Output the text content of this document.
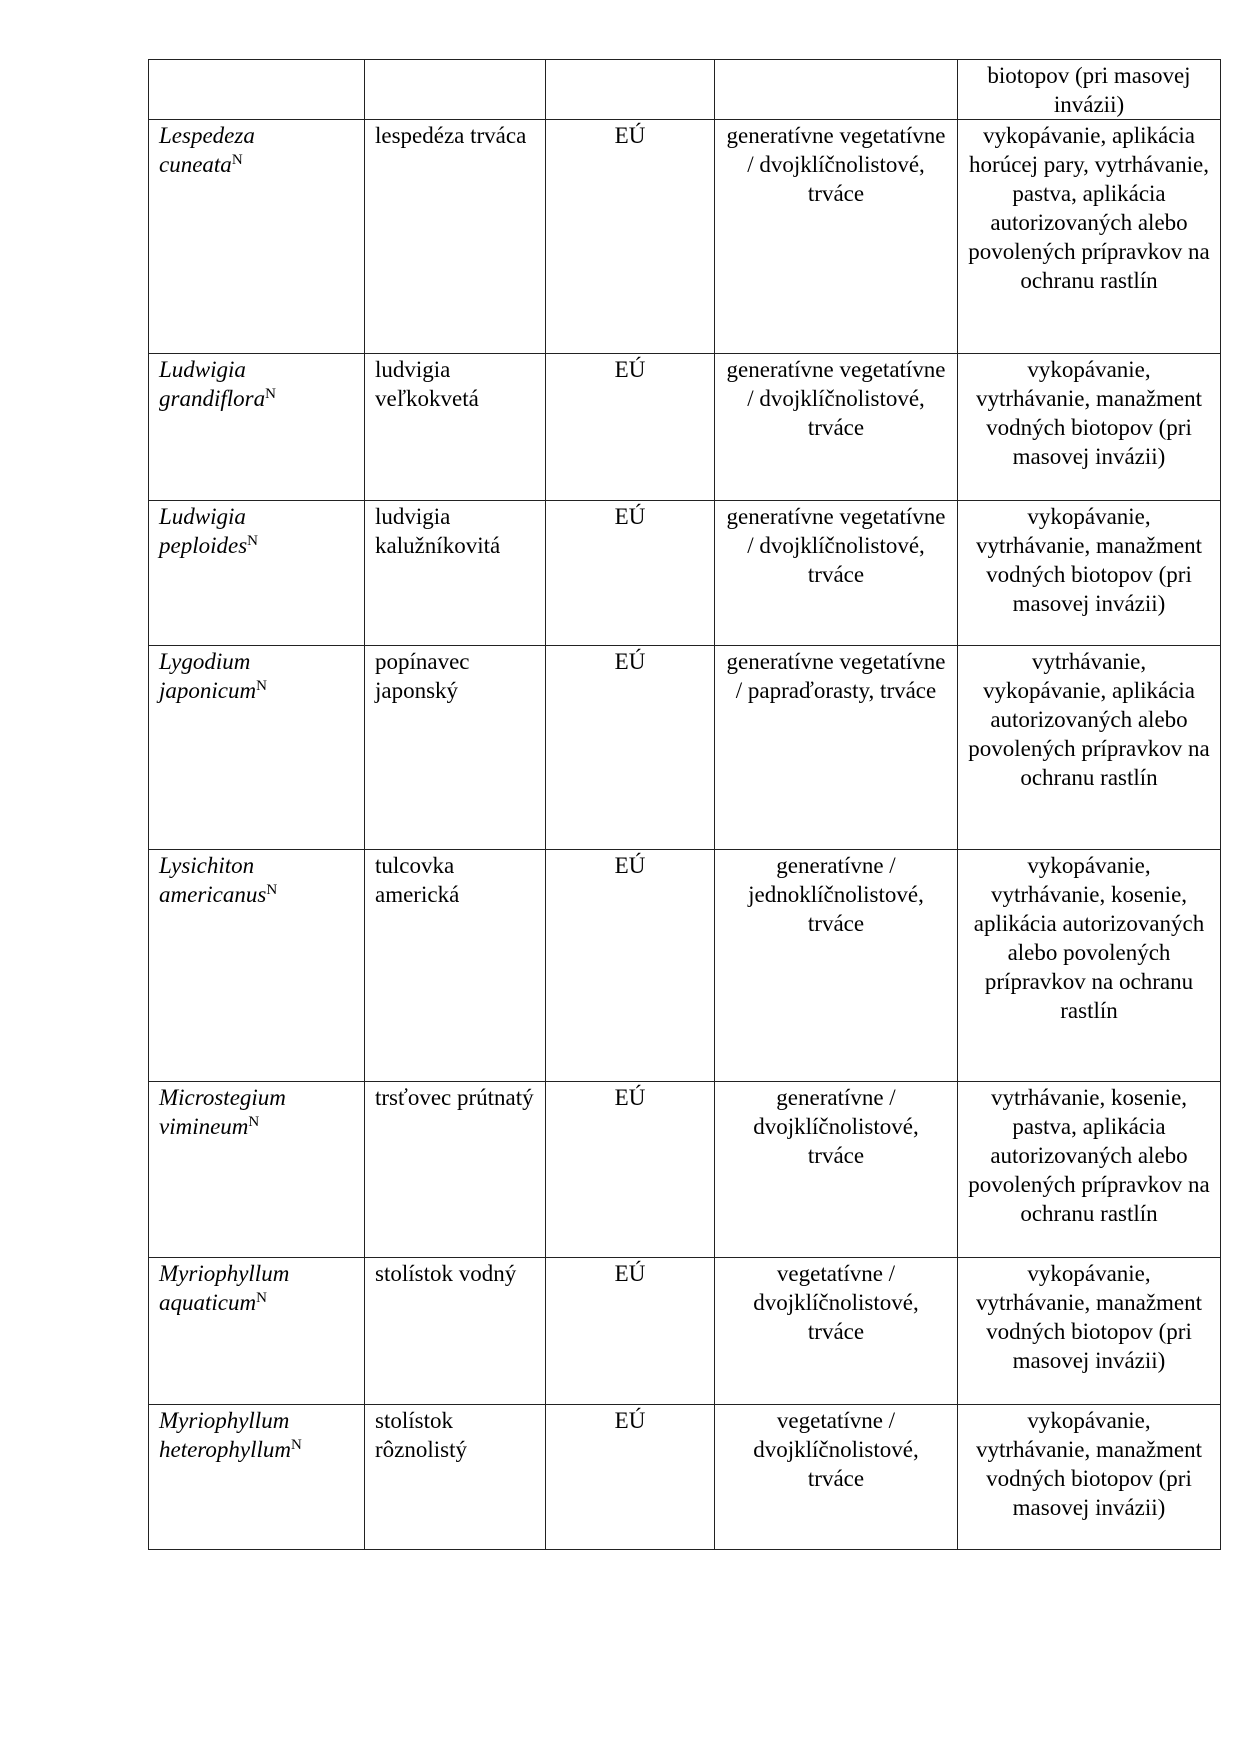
				biotopov (pri masovej invázii)

Lespedeza
cuneata$^N$	lespedéza trváca	EÚ	generatívne vegetatívne / dvojklíčnolistové, trváce	vykopávanie, aplikácia horúcej pary, vytrhávanie, pastva, aplikácia autorizovaných alebo povolených prípravkov na ochranu rastlín

Ludwigia
grandiflora$^N$	ludvigia veľkokvetá	EÚ	generatívne vegetatívne / dvojklíčnolistové, trváce	vykopávanie, vytrhávanie, manažment vodných biotopov (pri masovej invázii)

Ludwigia
peploides$^N$	ludvigia kalužníkovitá	EÚ	generatívne vegetatívne / dvojklíčnolistové, trváce	vykopávanie, vytrhávanie, manažment vodných biotopov (pri masovej invázii)

Lygodium
japonicum$^N$	popínavec japonský	EÚ	generatívne vegetatívne / papraďorasty, trváce	vytrhávanie, vykopávanie, aplikácia autorizovaných alebo povolených prípravkov na ochranu rastlín

Lysichiton
americanus$^N$	tulcovka americká	EÚ	generatívne / jednoklíčnolistové, trváce	vykopávanie, vytrhávanie, kosenie, aplikácia autorizovaných alebo povolených prípravkov na ochranu rastlín

Microstegium
vimineum$^N$	trsťovec prútnatý	EÚ	generatívne / dvojklíčnolistové, trváce	vytrhávanie, kosenie, pastva, aplikácia autorizovaných alebo povolených prípravkov na ochranu rastlín

Myriophyllum
aquaticum$^N$	stolístok vodný	EÚ	vegetatívne / dvojklíčnolistové, trváce	vykopávanie, vytrhávanie, manažment vodných biotopov (pri masovej invázii)

Myriophyllum
heterophyllum$^N$	stolístok rôznolistý	EÚ	vegetatívne / dvojklíčnolistové, trváce	vykopávanie, vytrhávanie, manažment vodných biotopov (pri masovej invázii)
